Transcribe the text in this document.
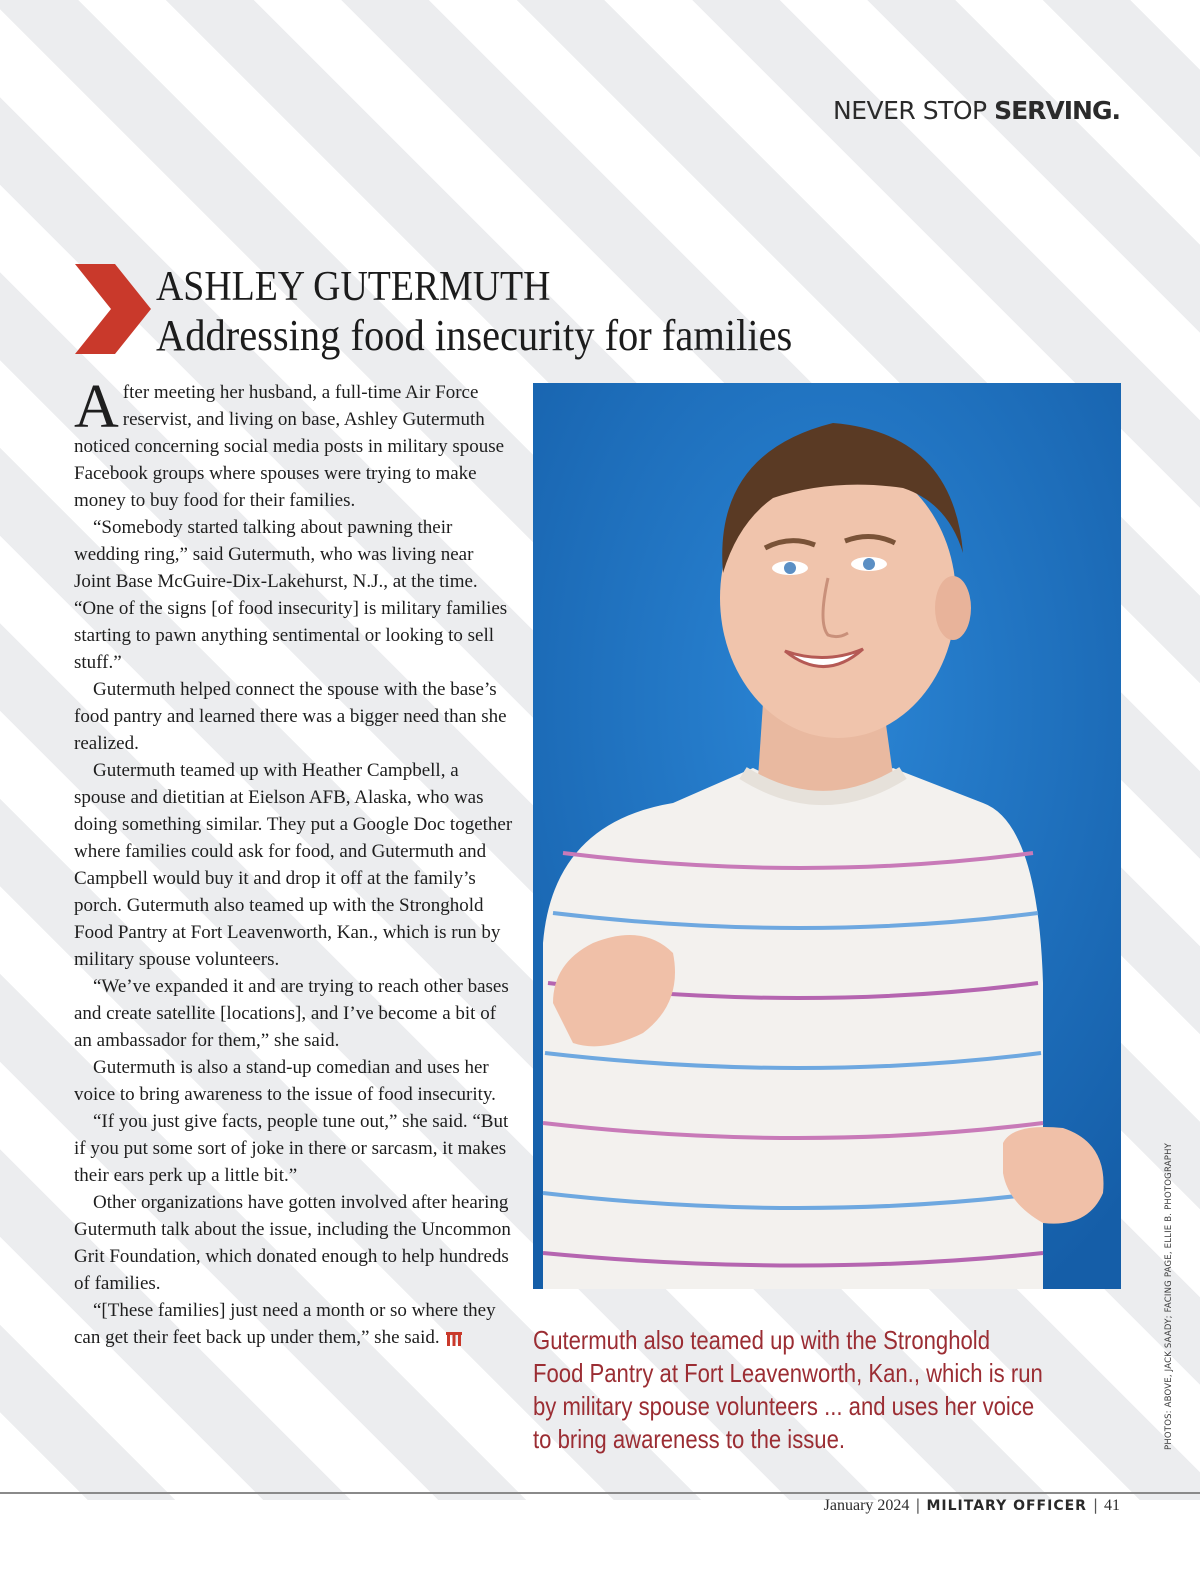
NEVER STOP SERVING.
ASHLEY GUTERMUTH
Addressing food insecurity for families

After meeting her husband, a full-time Air Force reservist, and living on base, Ashley Gutermuth noticed concerning social media posts in military spouse Facebook groups where spouses were trying to make money to buy food for their families.

“Somebody started talking about pawning their wedding ring,” said Gutermuth, who was living near Joint Base McGuire-Dix-Lakehurst, N.J., at the time. “One of the signs [of food insecurity] is military families starting to pawn anything sentimental or looking to sell stuff.”

Gutermuth helped connect the spouse with the base’s food pantry and learned there was a bigger need than she realized.

Gutermuth teamed up with Heather Campbell, a spouse and dietitian at Eielson AFB, Alaska, who was doing something similar. They put a Google Doc together where families could ask for food, and Gutermuth and Campbell would buy it and drop it off at the family’s porch. Gutermuth also teamed up with the Stronghold Food Pantry at Fort Leavenworth, Kan., which is run by military spouse volunteers.

“We’ve expanded it and are trying to reach other bases and create satellite [locations], and I’ve become a bit of an ambassador for them,” she said.

Gutermuth is also a stand-up comedian and uses her voice to bring awareness to the issue of food insecurity.

“If you just give facts, people tune out,” she said. “But if you put some sort of joke in there or sarcasm, it makes their ears perk up a little bit.”

Other organizations have gotten involved after hearing Gutermuth talk about the issue, including the Uncommon Grit Foundation, which donated enough to help hundreds of families.

“[These families] just need a month or so where they can get their feet back up under them,” she said.	Gutermuth also teamed up with the Stronghold
Food Pantry at Fort Leavenworth, Kan., which is run
by military spouse volunteers ... and uses her voice
to bring awareness to the issue.	PHOTOS: ABOVE, JACK SAADY; FACING PAGE, ELLIE B. PHOTOGRAPHY
January 2024 | MILITARY OFFICER | 41
